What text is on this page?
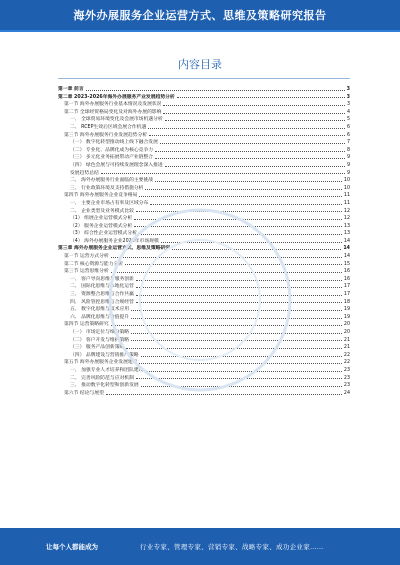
海外办展服务企业运营方式、思维及策略研究报告
内容目录
第一章 前言	3
第二章 2023-2026年海外办展服务产业发展趋势分析	3
第一节 海外办展服务行业基本情况及发展状况	3
第二节 全球经贸格局变化及对海外办展的影响	4
一、 全球贸易环境变化及会展市场机遇分析	5
二、 RCEP生效后区域会展合作机遇	6
第三节 海外办展服务行业发展趋势分析	6
（一） 数字化转型推动线上线下融合发展	7
（二） 专业化、品牌化成为核心竞争力	8
（三） 多元化业务拓展带动产业链整合	9
（四） 绿色会展与可持续发展理念深入推进	9
发展趋势总结	9
二、 海外办展服务行业面临的主要挑战	10
三、 行业政策环境及支持措施分析	10
第四节 海外办展服务企业竞争格局	11
一、 主要企业市场占有率及区域分布	11
二、 企业类型及业务模式比较	12
（1） 组展企业运营模式分析	12
（2） 服务企业运营模式分析	13
（3） 综合性企业运营模式分析	13
（4） 海外办展服务企业2023年市场规模	14
第三章 海外办展服务企业运营方式、思维及策略研究	14
第一节 运营方式分析	14
第二节 核心资源与能力分析	15
第三节 运营思维分析	16
一、 客户导向思维与服务创新	16
二、 国际化思维与本地化运营	17
三、 资源整合思维与合作共赢	17
四、 风险管控思维与合规经营	18
五、 数字化思维与技术应用	19
六、 品牌化思维与价值提升	19
第四节 运营策略研究	20
（一） 市场定位与细分策略	20
（二） 客户开发与维护策略	21
（三） 服务产品创新策略	21
（四） 品牌建设与营销推广策略	22
第五节 海外办展服务企业发展建议	22
一、 加强专业人才培养和团队建设	23
二、 完善风险防范与应对机制	23
三、 推动数字化转型和创新发展	23
第六节 结论与展望	24
让每个人都能成为	行业专家、管理专家、营销专家、战略专家、成功企业家……
